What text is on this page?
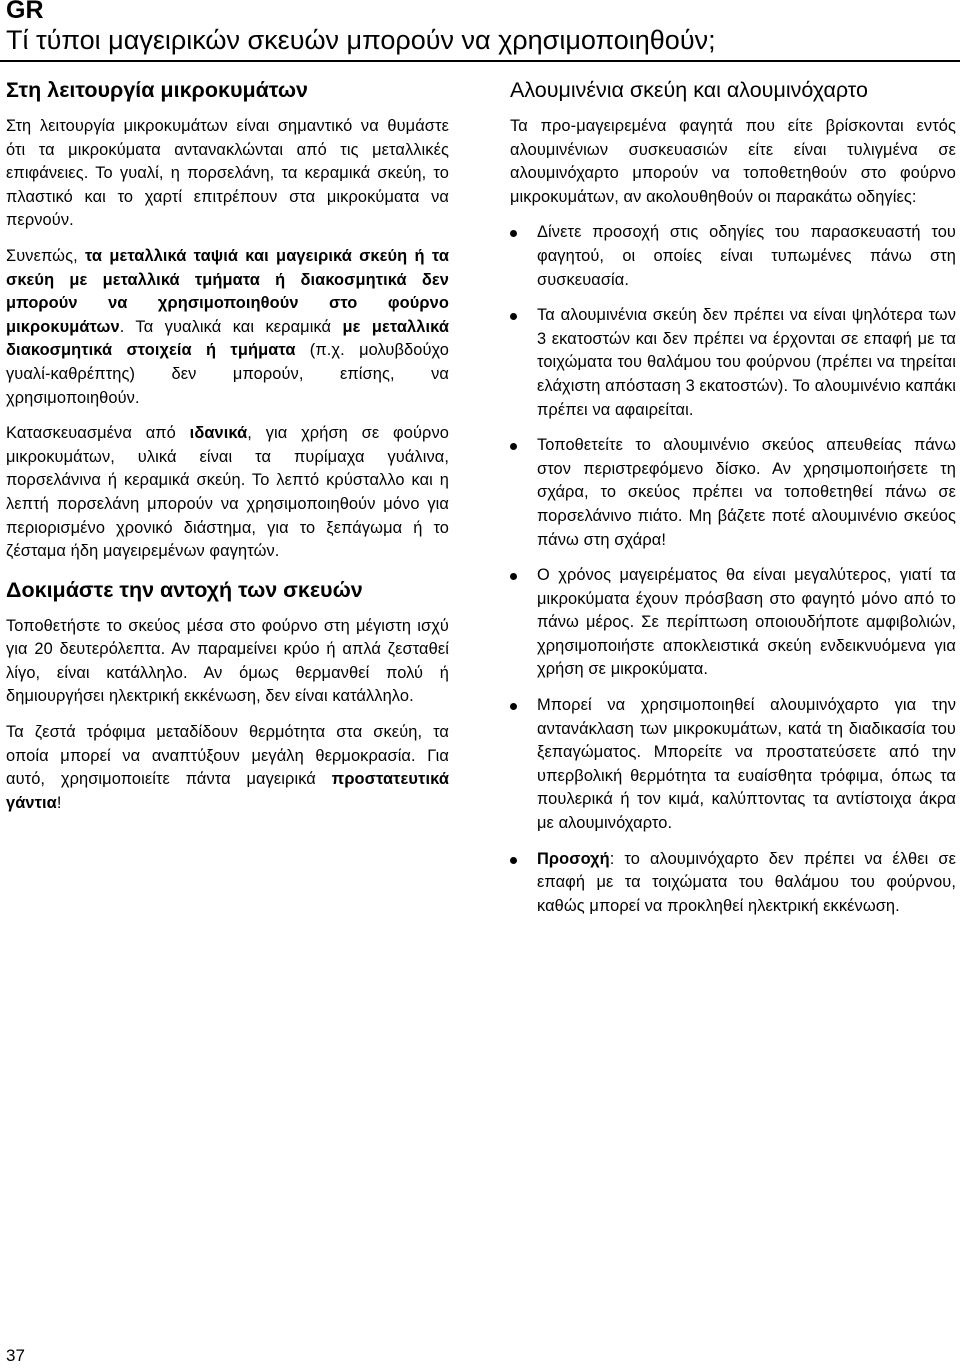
GR
Τί τύποι μαγειρικών σκευών μπορούν να χρησιμοποιηθούν;
Στη λειτουργία μικροκυμάτων

Στη λειτουργία μικροκυμάτων είναι σημαντικό να θυμάστε ότι τα μικροκύματα αντανακλώνται από τις μεταλλικές επιφάνειες. Το γυαλί, η πορσελάνη, τα κεραμικά σκεύη, το πλαστικό και το χαρτί επιτρέπουν στα μικροκύματα να περνούν.

Συνεπώς, τα μεταλλικά ταψιά και μαγειρικά σκεύη ή τα σκεύη με μεταλλικά τμήματα ή διακοσμητικά δεν μπορούν να χρησιμοποιηθούν στο φούρνο μικροκυμάτων. Τα γυαλικά και κεραμικά με μεταλλικά διακοσμητικά στοιχεία ή τμήματα (π.χ. μολυβδούχο γυαλί-καθρέπτης) δεν μπορούν, επίσης, να χρησιμοποιηθούν.

Κατασκευασμένα από ιδανικά, για χρήση σε φούρνο μικροκυμάτων, υλικά είναι τα πυρίμαχα γυάλινα, πορσελάνινα ή κεραμικά σκεύη. Το λεπτό κρύσταλλο και η λεπτή πορσελάνη μπορούν να χρησιμοποιηθούν μόνο για περιορισμένο χρονικό διάστημα, για το ξεπάγωμα ή το ζέσταμα ήδη μαγειρεμένων φαγητών.

Δοκιμάστε την αντοχή των σκευών

Τοποθετήστε το σκεύος μέσα στο φούρνο στη μέγιστη ισχύ για 20 δευτερόλεπτα. Αν παραμείνει κρύο ή απλά ζεσταθεί λίγο, είναι κατάλληλο. Αν όμως θερμανθεί πολύ ή δημιουργήσει ηλεκτρική εκκένωση, δεν είναι κατάλληλο.

Τα ζεστά τρόφιμα μεταδίδουν θερμότητα στα σκεύη, τα οποία μπορεί να αναπτύξουν μεγάλη θερμοκρασία. Για αυτό, χρησιμοποιείτε πάντα μαγειρικά προστατευτικά γάντια!

Αλουμινένια σκεύη και αλουμινόχαρτο

Τα προ-μαγειρεμένα φαγητά που είτε βρίσκονται εντός αλουμινένιων συσκευασιών είτε είναι τυλιγμένα σε αλουμινόχαρτο μπορούν να τοποθετηθούν στο φούρνο μικροκυμάτων, αν ακολουθηθούν οι παρακάτω οδηγίες:

Δίνετε προσοχή στις οδηγίες του παρασκευαστή του φαγητού, οι οποίες είναι τυπωμένες πάνω στη συσκευασία.
Τα αλουμινένια σκεύη δεν πρέπει να είναι ψηλότερα των 3 εκατοστών και δεν πρέπει να έρχονται σε επαφή με τα τοιχώματα του θαλάμου του φούρνου (πρέπει να τηρείται ελάχιστη απόσταση 3 εκατοστών). Το αλουμινένιο καπάκι πρέπει να αφαιρείται.
Τοποθετείτε το αλουμινένιο σκεύος απευθείας πάνω στον περιστρεφόμενο δίσκο. Αν χρησιμοποιήσετε τη σχάρα, το σκεύος πρέπει να τοποθετηθεί πάνω σε πορσελάνινο πιάτο. Μη βάζετε ποτέ αλουμινένιο σκεύος πάνω στη σχάρα!
Ο χρόνος μαγειρέματος θα είναι μεγαλύτερος, γιατί τα μικροκύματα έχουν πρόσβαση στο φαγητό μόνο από το πάνω μέρος. Σε περίπτωση οποιουδήποτε αμφιβολιών, χρησιμοποιήστε αποκλειστικά σκεύη ενδεικνυόμενα για χρήση σε μικροκύματα.
Μπορεί να χρησιμοποιηθεί αλουμινόχαρτο για την αντανάκλαση των μικροκυμάτων, κατά τη διαδικασία του ξεπαγώματος. Μπορείτε να προστατεύσετε από την υπερβολική θερμότητα τα ευαίσθητα τρόφιμα, όπως τα πουλερικά ή τον κιμά, καλύπτοντας τα αντίστοιχα άκρα με αλουμινόχαρτο.
Προσοχή: το αλουμινόχαρτο δεν πρέπει να έλθει σε επαφή με τα τοιχώματα του θαλάμου του φούρνου, καθώς μπορεί να προκληθεί ηλεκτρική εκκένωση.
37
